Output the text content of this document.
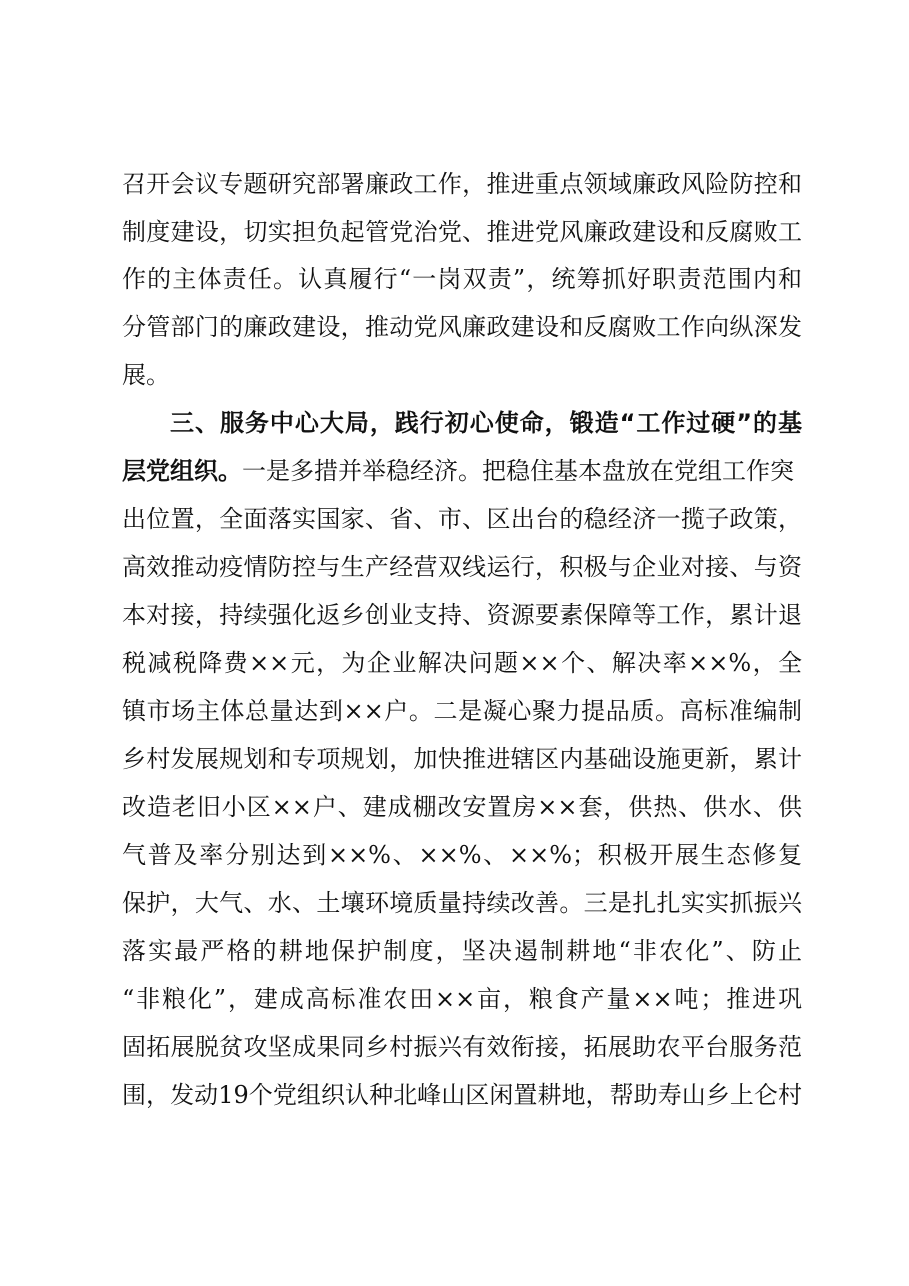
召开会议专题研究部署廉政工作，推进重点领域廉政风险防控和
制度建设，切实担负起管党治党、推进党风廉政建设和反腐败工
作的主体责任。认真履行“一岗双责”，统筹抓好职责范围内和
分管部门的廉政建设，推动党风廉政建设和反腐败工作向纵深发
展。
三、服务中心大局，践行初心使命，锻造“工作过硬”的基
层党组织。一是多措并举稳经济。把稳住基本盘放在党组工作突
出位置，全面落实国家、省、市、区出台的稳经济一揽子政策，
高效推动疫情防控与生产经营双线运行，积极与企业对接、与资
本对接，持续强化返乡创业支持、资源要素保障等工作，累计退
税减税降费××元，为企业解决问题××个、解决率××%，全
镇市场主体总量达到××户。二是凝心聚力提品质。高标准编制
乡村发展规划和专项规划，加快推进辖区内基础设施更新，累计
改造老旧小区××户、建成棚改安置房××套，供热、供水、供
气普及率分别达到××%、××%、××%；积极开展生态修复
保护，大气、水、土壤环境质量持续改善。三是扎扎实实抓振兴
落实最严格的耕地保护制度，坚决遏制耕地“非农化”、防止
“非粮化”，建成高标准农田××亩，粮食产量××吨；推进巩
固拓展脱贫攻坚成果同乡村振兴有效衔接，拓展助农平台服务范
围，发动19个党组织认种北峰山区闲置耕地，帮助寿山乡上仑村
